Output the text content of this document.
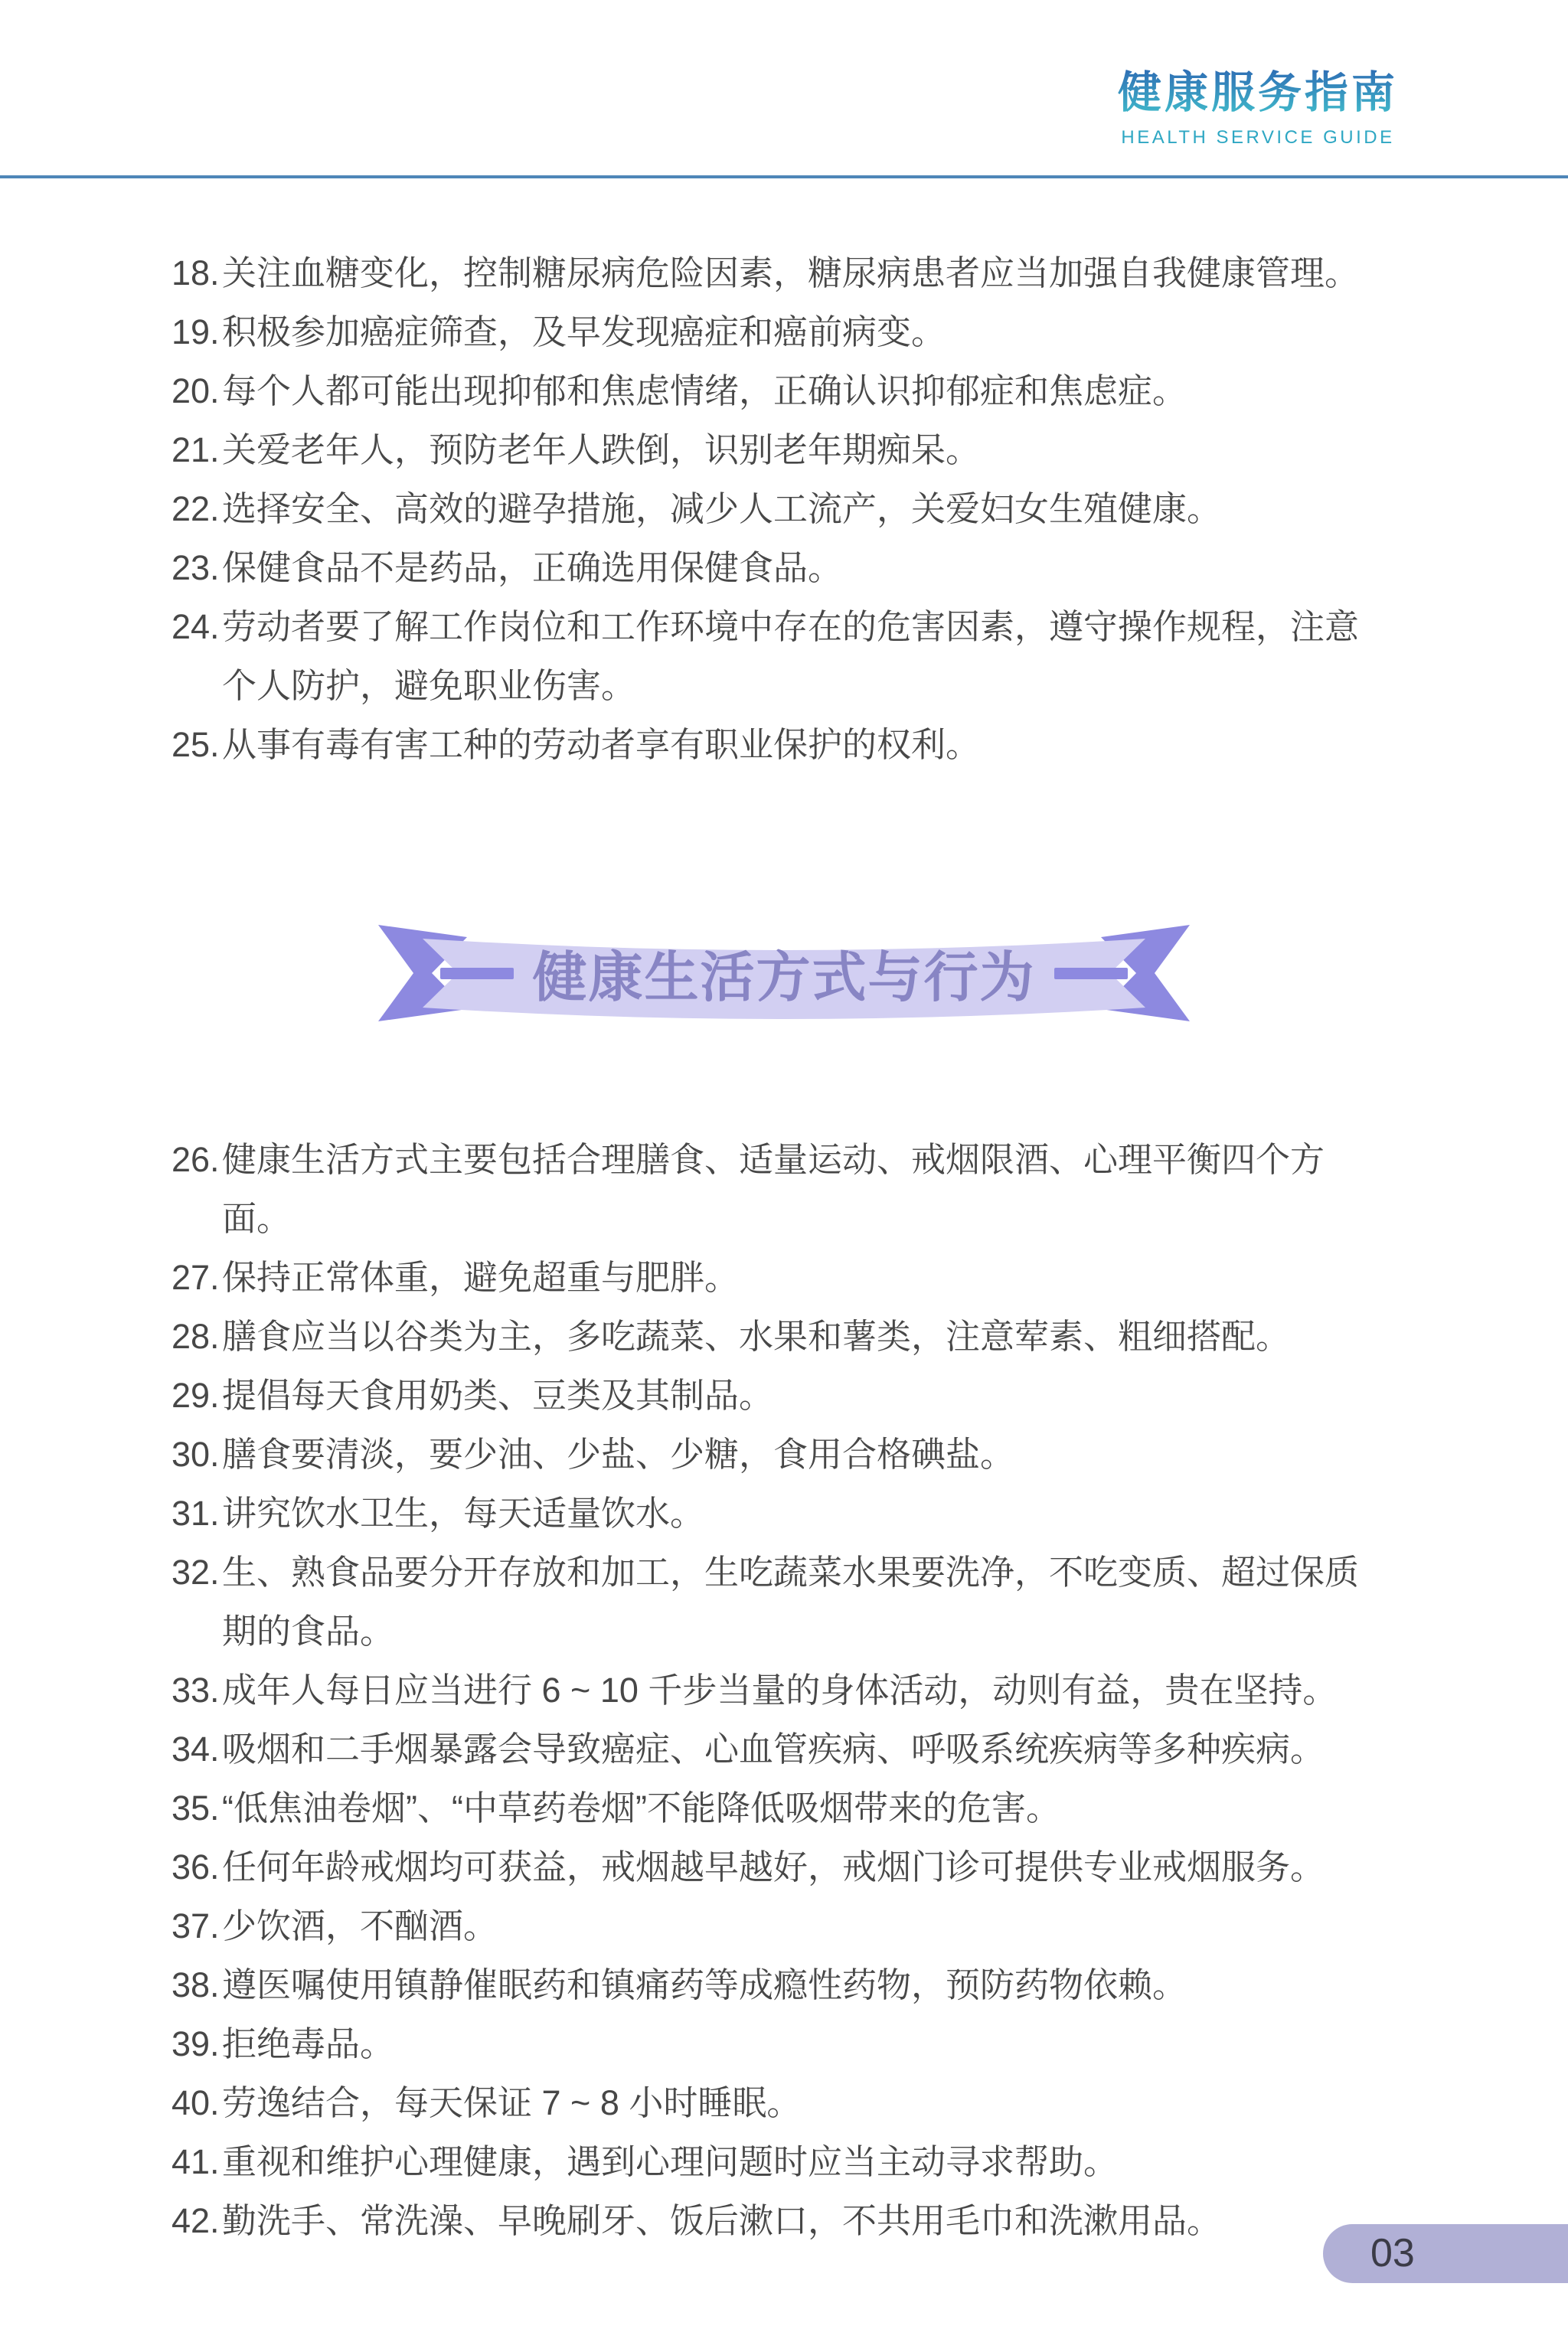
健康服务指南
HEALTH SERVICE GUIDE
18. 关注血糖变化，控制糖尿病危险因素，糖尿病患者应当加强自我健康管理。
19. 积极参加癌症筛查，及早发现癌症和癌前病变。
20. 每个人都可能出现抑郁和焦虑情绪，正确认识抑郁症和焦虑症。
21. 关爱老年人，预防老年人跌倒，识别老年期痴呆。
22. 选择安全、高效的避孕措施，减少人工流产，关爱妇女生殖健康。
23. 保健食品不是药品，正确选用保健食品。
24. 劳动者要了解工作岗位和工作环境中存在的危害因素，遵守操作规程，注意个人防护，避免职业伤害。
25. 从事有毒有害工种的劳动者享有职业保护的权利。
健康生活方式与行为
26. 健康生活方式主要包括合理膳食、适量运动、戒烟限酒、心理平衡四个方面。
27. 保持正常体重，避免超重与肥胖。
28. 膳食应当以谷类为主，多吃蔬菜、水果和薯类，注意荤素、粗细搭配。
29. 提倡每天食用奶类、豆类及其制品。
30. 膳食要清淡，要少油、少盐、少糖，食用合格碘盐。
31. 讲究饮水卫生，每天适量饮水。
32. 生、熟食品要分开存放和加工，生吃蔬菜水果要洗净，不吃变质、超过保质期的食品。
33. 成年人每日应当进行 6 ~ 10 千步当量的身体活动，动则有益，贵在坚持。
34. 吸烟和二手烟暴露会导致癌症、心血管疾病、呼吸系统疾病等多种疾病。
35. “低焦油卷烟”、“中草药卷烟”不能降低吸烟带来的危害。
36. 任何年龄戒烟均可获益，戒烟越早越好，戒烟门诊可提供专业戒烟服务。
37. 少饮酒，不酗酒。
38. 遵医嘱使用镇静催眠药和镇痛药等成瘾性药物，预防药物依赖。
39. 拒绝毒品。
40. 劳逸结合，每天保证 7 ~ 8 小时睡眠。
41. 重视和维护心理健康，遇到心理问题时应当主动寻求帮助。
42. 勤洗手、常洗澡、早晚刷牙、饭后漱口，不共用毛巾和洗漱用品。
03
